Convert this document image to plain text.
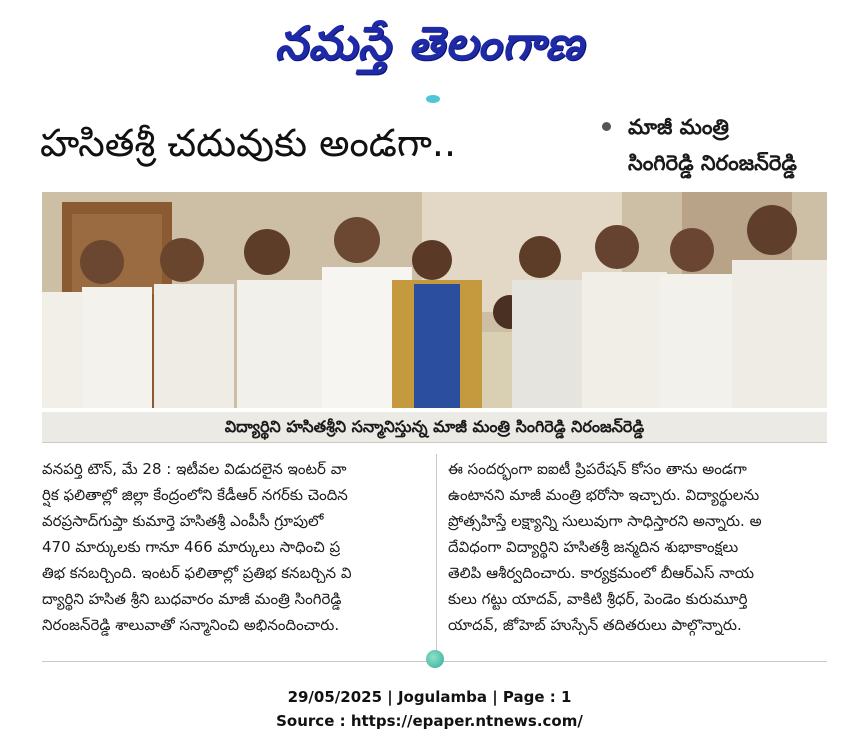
నమస్తే తెలంగాణ
హసితశ్రీ చదువుకు అండగా..	మాజీ మంత్రి
సింగిరెడ్డి నిరంజన్‌రెడ్డి
విద్యార్థిని హసితశ్రీని సన్మానిస్తున్న మాజీ మంత్రి సింగిరెడ్డి నిరంజన్‌రెడ్డి
వనపర్తి టౌన్, మే 28 : ఇటీవల విడుదలైన ఇంటర్ వా
ర్షిక ఫలితాల్లో జిల్లా కేంద్రంలోని కేడీఆర్ నగర్‌కు చెందిన
వరప్రసాద్‌గుప్తా కుమార్తె హసితశ్రీ ఎంపీసీ గ్రూపులో
470 మార్కులకు గానూ 466 మార్కులు సాధించి ప్ర
తిభ కనబర్చింది. ఇంటర్ ఫలితాల్లో ప్రతిభ కనబర్చిన వి
ద్యార్థిని హసిత శ్రీని బుధవారం మాజీ మంత్రి సింగిరెడ్డి
నిరంజన్‌రెడ్డి శాలువాతో సన్మానించి అభినందించారు.
ఈ సందర్భంగా ఐఐటీ ప్రిపరేషన్ కోసం తాను అండగా
ఉంటానని మాజీ మంత్రి భరోసా ఇచ్చారు. విద్యార్థులను
ప్రోత్సహిస్తే లక్ష్యాన్ని సులువుగా సాధిస్తారని అన్నారు. అ
దేవిధంగా విద్యార్థిని హసితశ్రీ జన్మదిన శుభాకాంక్షలు
తెలిపి ఆశీర్వదించారు. కార్యక్రమంలో బీఆర్‌ఎస్ నాయ
కులు గట్టు యాదవ్, వాకిటి శ్రీధర్, పెండెం కురుమూర్తి
యాదవ్, జోహెబ్ హుస్సేన్ తదితరులు పాల్గొన్నారు.
29/05/2025 | Jogulamba | Page : 1
Source : https://epaper.ntnews.com/
